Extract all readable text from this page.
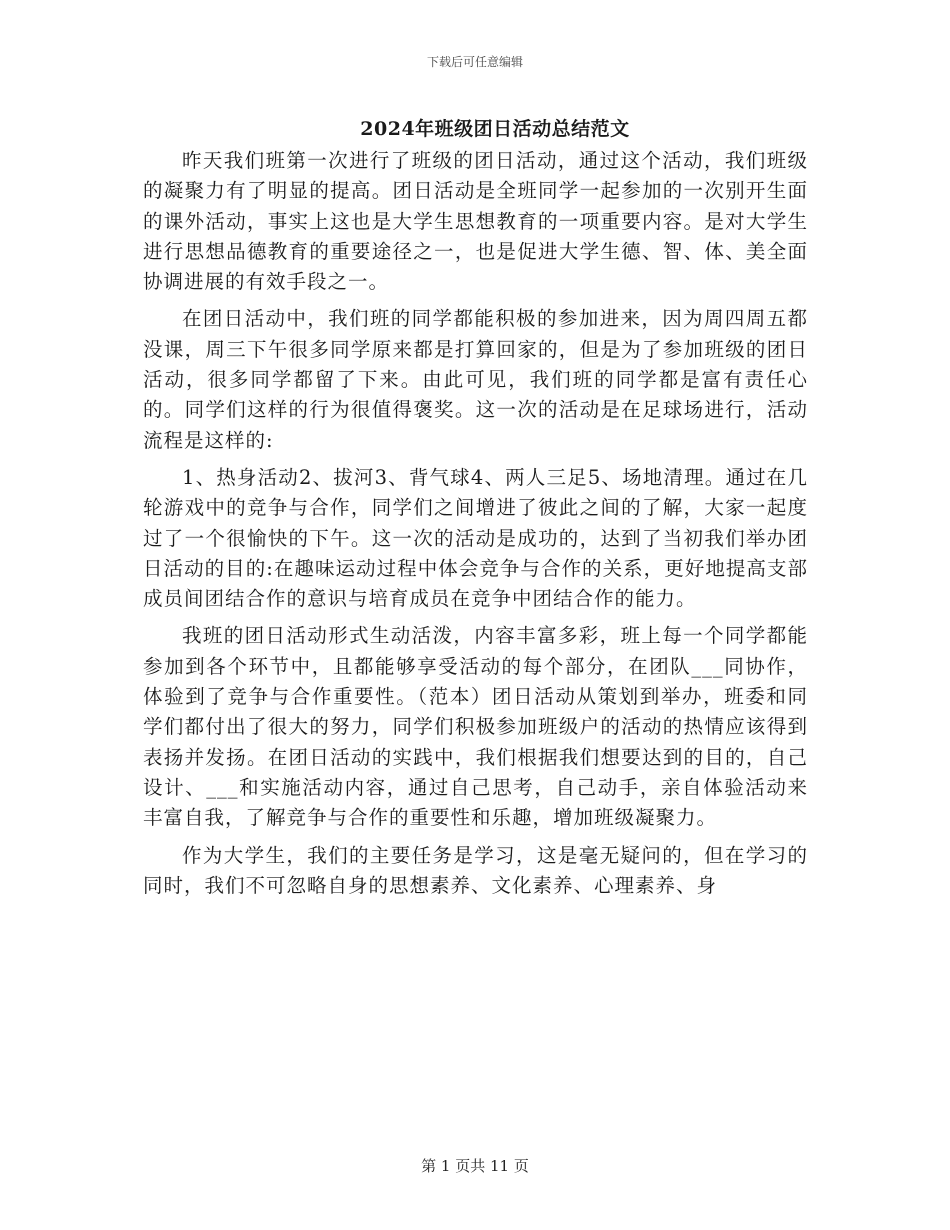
下载后可任意编辑
2024年班级团日活动总结范文

昨天我们班第一次进行了班级的团日活动，通过这个活动，我们班级的凝聚力有了明显的提高。团日活动是全班同学一起参加的一次别开生面的课外活动，事实上这也是大学生思想教育的一项重要内容。是对大学生进行思想品德教育的重要途径之一，也是促进大学生德、智、体、美全面协调进展的有效手段之一。

在团日活动中，我们班的同学都能积极的参加进来，因为周四周五都没课，周三下午很多同学原来都是打算回家的，但是为了参加班级的团日活动，很多同学都留了下来。由此可见，我们班的同学都是富有责任心的。同学们这样的行为很值得褒奖。这一次的活动是在足球场进行，活动流程是这样的:

1、热身活动2、拔河3、背气球4、两人三足5、场地清理。通过在几轮游戏中的竞争与合作，同学们之间增进了彼此之间的了解，大家一起度过了一个很愉快的下午。这一次的活动是成功的，达到了当初我们举办团日活动的目的:在趣味运动过程中体会竞争与合作的关系，更好地提高支部成员间团结合作的意识与培育成员在竞争中团结合作的能力。

我班的团日活动形式生动活泼，内容丰富多彩，班上每一个同学都能参加到各个环节中，且都能够享受活动的每个部分，在团队___同协作，体验到了竞争与合作重要性。（范本）团日活动从策划到举办，班委和同学们都付出了很大的努力，同学们积极参加班级户的活动的热情应该得到表扬并发扬。在团日活动的实践中，我们根据我们想要达到的目的，自己设计、___和实施活动内容，通过自己思考，自己动手，亲自体验活动来丰富自我，了解竞争与合作的重要性和乐趣，增加班级凝聚力。

作为大学生，我们的主要任务是学习，这是毫无疑问的，但在学习的同时，我们不可忽略自身的思想素养、文化素养、心理素养、身

第 1 页共 11 页
